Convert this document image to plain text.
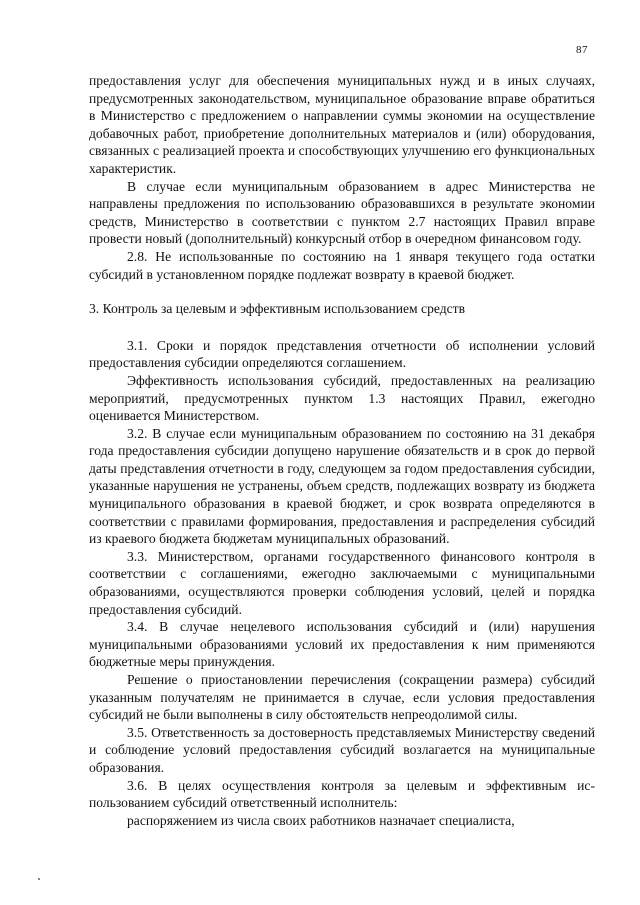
87

предоставления услуг для обеспечения муниципальных нужд и в иных случаях, предусмотренных законодательством, муниципальное образование вправе обратиться в Министерство с предложением о направлении суммы экономии на осуществление добавочных работ, приобретение дополнительных материалов и (или) оборудования, связанных с реализацией проекта и способствующих улучшению его функциональных характеристик.

В случае если муниципальным образованием в адрес Министерства не направлены предложения по использованию образовавшихся в результате экономии средств, Министерство в соответствии с пунктом 2.7 настоящих Правил вправе провести новый (дополнительный) конкурсный отбор в очередном финансовом году.

2.8. Не использованные по состоянию на 1 января текущего года остатки субсидий в установленном порядке подлежат возврату в краевой бюджет.

3. Контроль за целевым и эффективным использованием средств

3.1. Сроки и порядок представления отчетности об исполнении условий предоставления субсидии определяются соглашением.

Эффективность использования субсидий, предоставленных на реализацию мероприятий, предусмотренных пунктом 1.3 настоящих Правил, ежегодно оценивается Министерством.

3.2. В случае если муниципальным образованием по состоянию на 31 декабря года предоставления субсидии допущено нарушение обязательств и в срок до первой даты представления отчетности в году, следующем за годом предоставления субсидии, указанные нарушения не устранены, объем средств, подлежащих возврату из бюджета муниципального образования в краевой бюджет, и срок возврата определяются в соответствии с правилами формирования, предоставления и распределения субсидий из краевого бюджета бюджетам муниципальных образований.

3.3. Министерством, органами государственного финансового контроля в соответствии с соглашениями, ежегодно заключаемыми с муниципальными образованиями, осуществляются проверки соблюдения условий, целей и порядка предоставления субсидий.

3.4. В случае нецелевого использования субсидий и (или) нарушения муниципальными образованиями условий их предоставления к ним применяются бюджетные меры принуждения.

Решение о приостановлении перечисления (сокращении размера) субсидий указанным получателям не принимается в случае, если условия предоставления субсидий не были выполнены в силу обстоятельств непреодолимой силы.

3.5. Ответственность за достоверность представляемых Министерству сведений и соблюдение условий предоставления субсидий возлагается на муниципальные образования.

3.6. В целях осуществления контроля за целевым и эффективным использованием субсидий ответственный исполнитель:

распоряжением из числа своих работников назначает специалиста,
